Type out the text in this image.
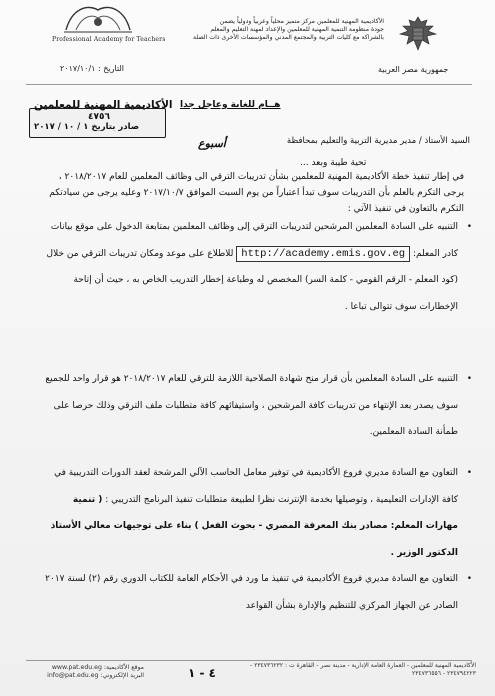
جمهورية مصر العربية
Professional Academy for Teachers
الأكاديمية المهنية للمعلمين مركز متميز محلياً وعربياً ودولياً يضمن
جودة منظومة التنمية المهنية للمعلمين والإعداد لمهنة التعليم والمعلم
بالشراكة مع كليات التربية والمجتمع المدني والمؤسسات الأخرى ذات الصلة
التاريخ : ٢٠١٧/١٠/١
الأكاديمية المهنية للمعلمين
٤٧٥٦
صادر بتاريخ ١ / ١٠ / ٢٠١٧
هــام للغاية وعاجل جدا
أسبوع	السيد الأستاذ / مدير مديرية التربية والتعليم بمحافظة
تحية طيبة وبعد ...
في إطار تنفيذ خطة الأكاديمية المهنية للمعلمين بشأن تدريبات الترقي الى وظائف المعلمين للعام ٢٠١٨/٢٠١٧ ، يرجى التكرم بالعلم بأن التدريبات سوف تبدأ اعتباراً من يوم السبت الموافق ٢٠١٧/١٠/٧ وعليه يرجى من سيادتكم التكرم بالتعاون في تنفيذ الآتي :
•
التنبيه على السادة المعلمين المرشحين لتدريبات الترقي إلى وظائف المعلمين بمتابعة الدخول على موقع بيانات كادر المعلم: http://academy.emis.gov.eg للاطلاع على موعد ومكان تدريبات الترقي من خلال (كود المعلم - الرقم القومي - كلمة السر) المخصص له وطباعة إخطار التدريب الخاص به ، حيث أن إتاحة الإخطارات سوف تتوالى تباعا .
•
التنبيه على السادة المعلمين بأن قرار منح شهادة الصلاحية اللازمة للترقي للعام ٢٠١٨/٢٠١٧ هو قرار واحد للجميع سوف يصدر بعد الإنتهاء من تدريبات كافة المرشحين ، واستيفائهم كافة متطلبات ملف الترقي وذلك حرصا على طمأنة السادة المعلمين.
•
التعاون مع السادة مديري فروع الأكاديمية في توفير معامل الحاسب الآلي المرشحة لعقد الدورات التدريبية في كافة الإدارات التعليمية ، وتوصيلها بخدمة الإنترنت نظرا لطبيعة متطلبات تنفيذ البرنامج التدريبي : ( تنمية مهارات المعلم: مصادر بنك المعرفة المصري - بحوث الفعل ) بناء على توجيهات معالي الأستاذ الدكتور الوزير .
•
التعاون مع السادة مديري فروع الأكاديمية في تنفيذ ما ورد في الأحكام العامة للكتاب الدوري رقم (٢) لسنة ٢٠١٧ الصادر عن الجهاز المركزي للتنظيم والإدارة بشأن القواعد
الأكاديمية المهنية للمعلمين - العمارة العامة الإدارية - مدينة نصر - القاهرة ت : ٢٣٤٧٣٦٢٣٢ - ٢٣٤٧٩٤٢٢٣ - ٢٣٤٧٣٦٥٥٦
٤ - ١
موقع الأكاديمية: www.pat.edu.eg
البريد الإلكتروني: info@pat.edu.eg
